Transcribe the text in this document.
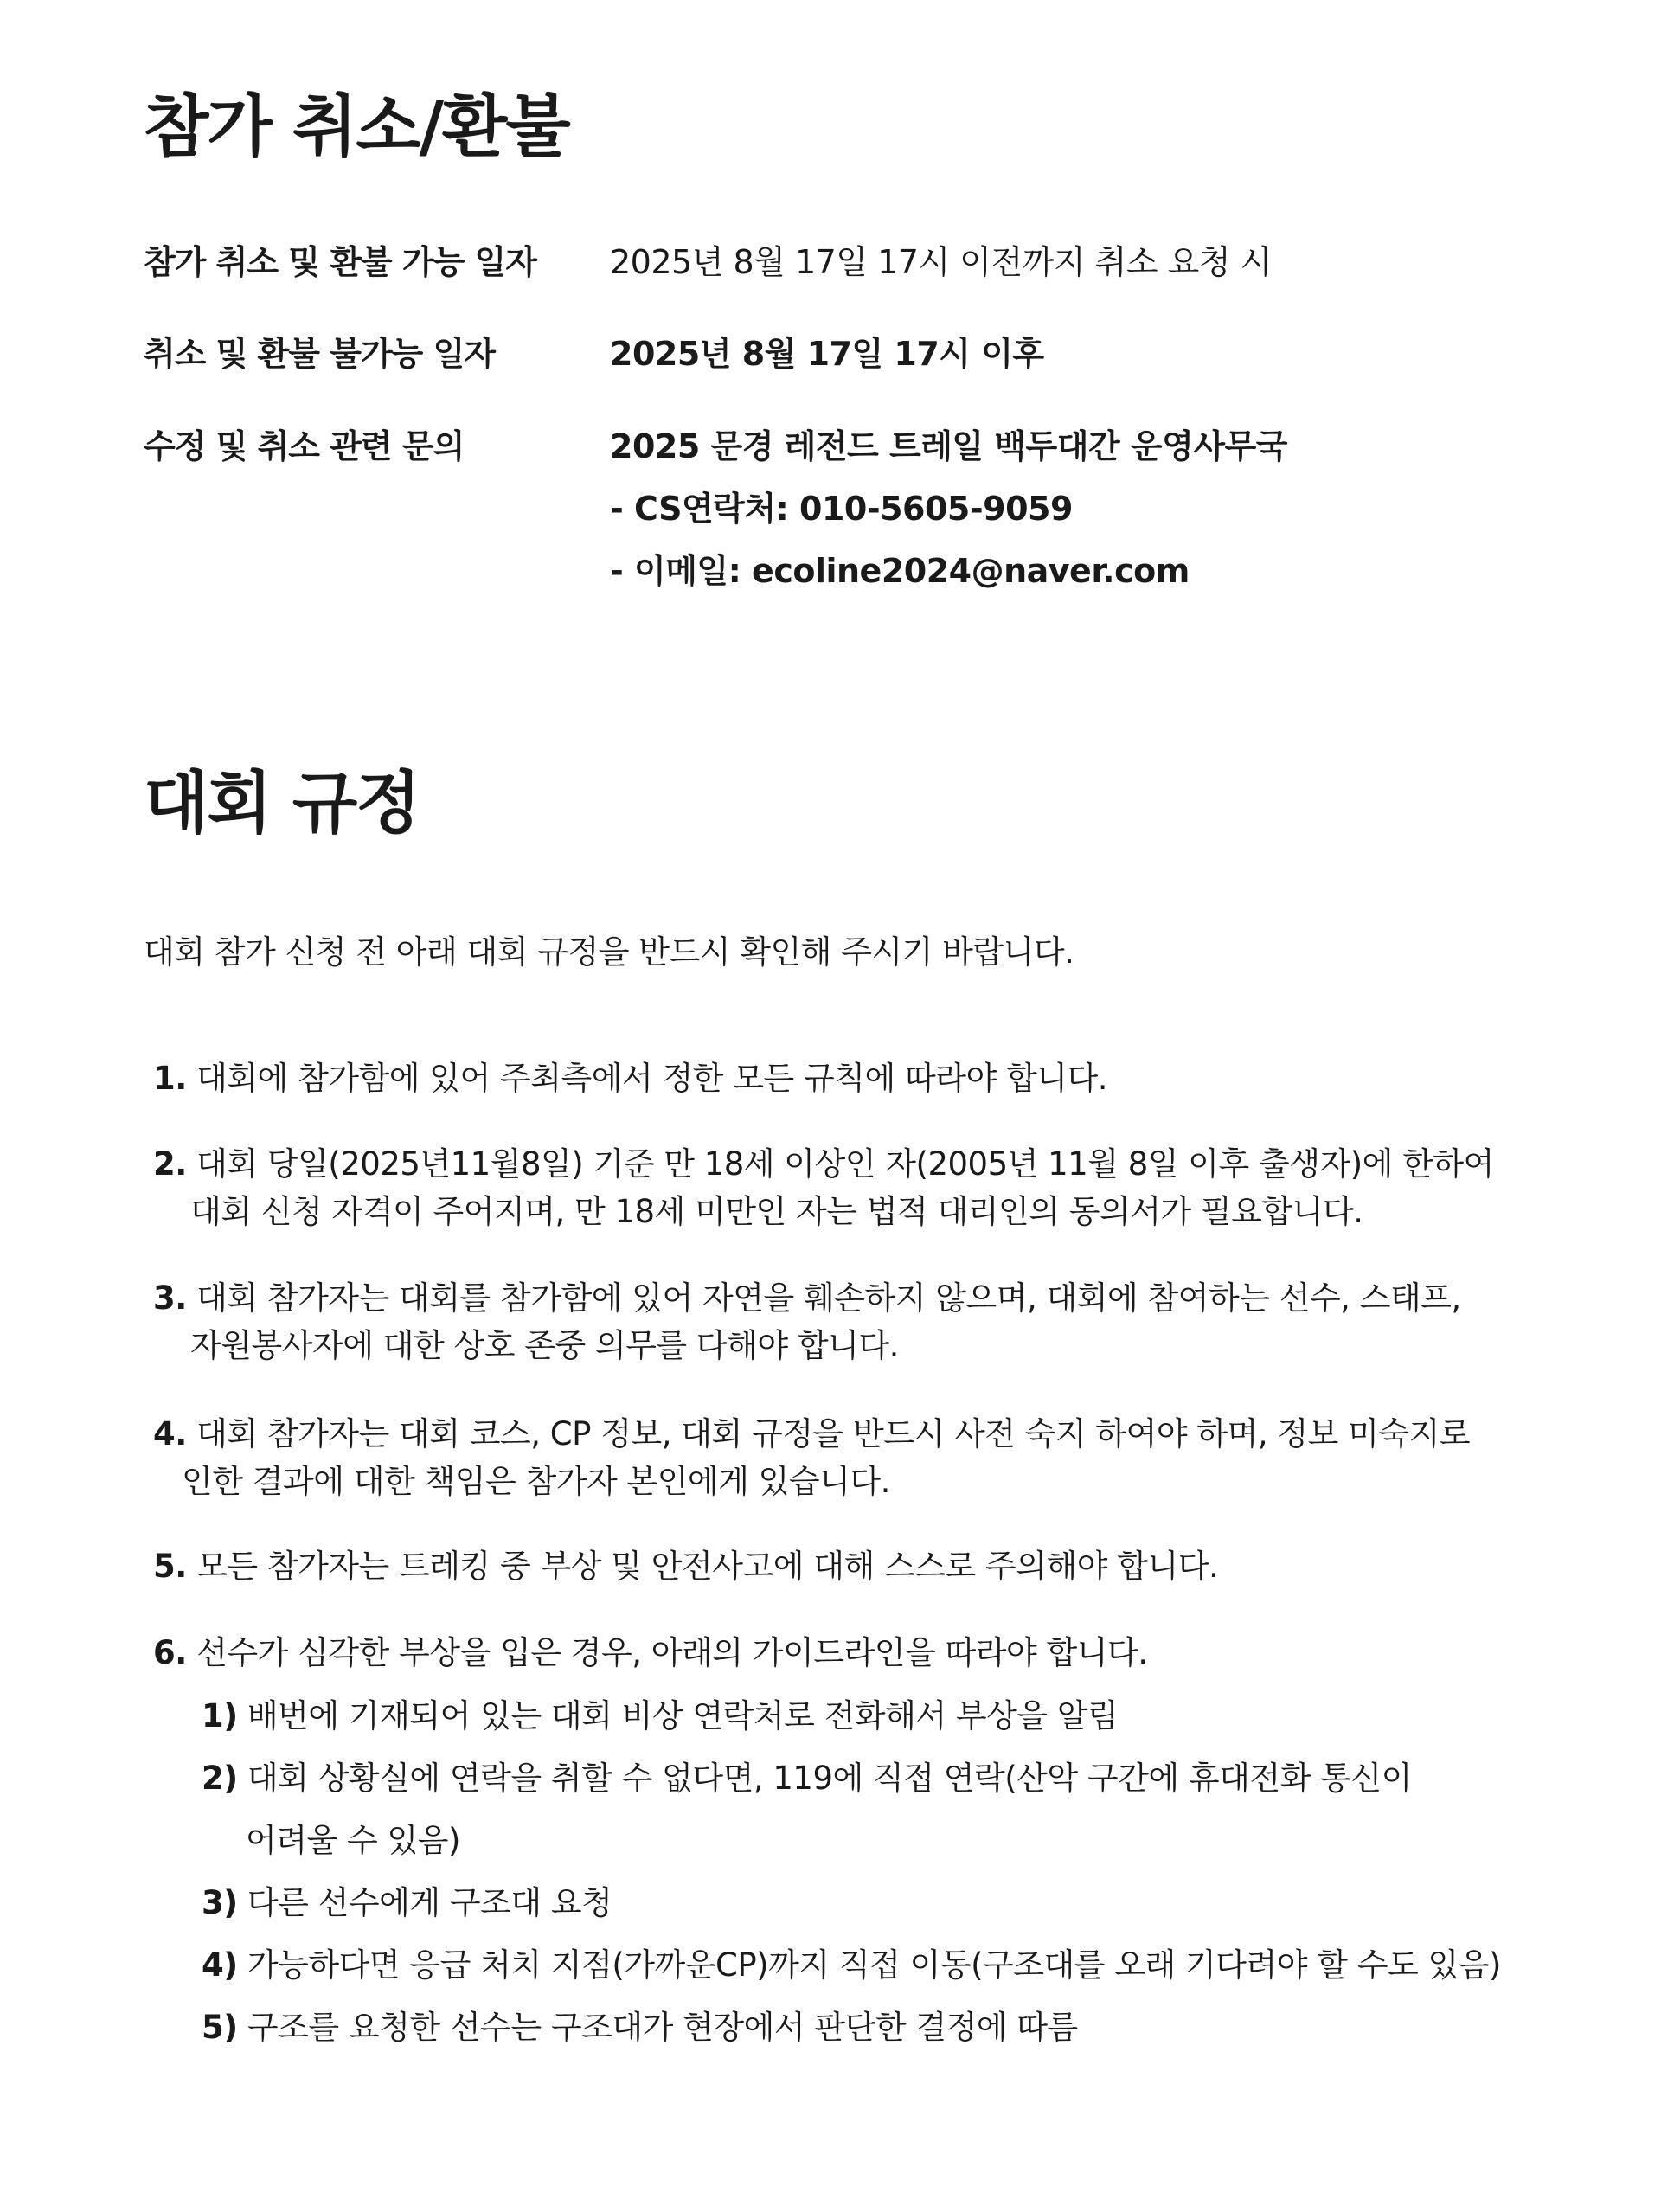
참가 취소/환불
참가 취소 및 환불 가능 일자 2025년 8월 17일 17시 이전까지 취소 요청 시
취소 및 환불 불가능 일자	2025년 8월 17일 17시 이후
수정 및 취소 관련 문의	2025 문경 레전드 트레일 백두대간 운영사무국
- CS연락처: 010-5605-9059
- 이메일: ecoline2024@naver.com
대회 규정
대회 참가 신청 전 아래 대회 규정을 반드시 확인해 주시기 바랍니다.
1. 대회에 참가함에 있어 주최측에서 정한 모든 규칙에 따라야 합니다.
2. 대회 당일(2025년11월8일) 기준 만 18세 이상인 자(2005년 11월 8일 이후 출생자)에 한하여
대회 신청 자격이 주어지며, 만 18세 미만인 자는 법적 대리인의 동의서가 필요합니다.
3. 대회 참가자는 대회를 참가함에 있어 자연을 훼손하지 않으며, 대회에 참여하는 선수, 스태프,
자원봉사자에 대한 상호 존중 의무를 다해야 합니다.
4. 대회 참가자는 대회 코스, CP 정보, 대회 규정을 반드시 사전 숙지 하여야 하며, 정보 미숙지로
인한 결과에 대한 책임은 참가자 본인에게 있습니다.
5. 모든 참가자는 트레킹 중 부상 및 안전사고에 대해 스스로 주의해야 합니다.
6. 선수가 심각한 부상을 입은 경우, 아래의 가이드라인을 따라야 합니다.
1) 배번에 기재되어 있는 대회 비상 연락처로 전화해서 부상을 알림
2) 대회 상황실에 연락을 취할 수 없다면, 119에 직접 연락(산악 구간에 휴대전화 통신이
어려울 수 있음)
3) 다른 선수에게 구조대 요청
4) 가능하다면 응급 처치 지점(가까운CP)까지 직접 이동(구조대를 오래 기다려야 할 수도 있음)
5) 구조를 요청한 선수는 구조대가 현장에서 판단한 결정에 따름
